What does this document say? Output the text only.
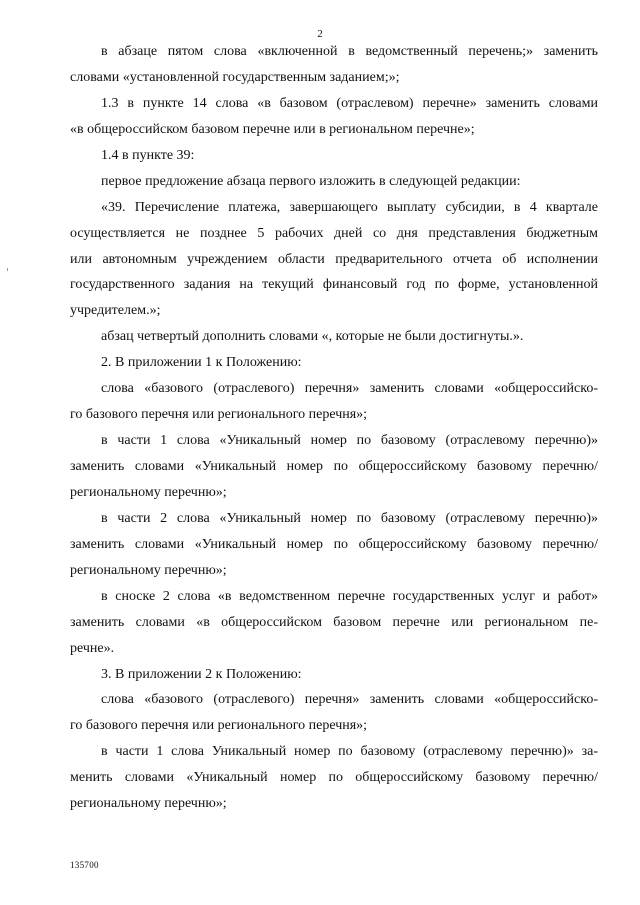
2
в абзаце пятом слова «включенной в ведомственный перечень;» заменить
словами «установленной государственным заданием;»;
1.3 в пункте 14 слова «в базовом (отраслевом) перечне» заменить словами
«в общероссийском базовом перечне или в региональном перечне»;
1.4 в пункте 39:
первое предложение абзаца первого изложить в следующей редакции:
«39. Перечисление платежа, завершающего выплату субсидии, в 4 квартале
осуществляется не позднее 5 рабочих дней со дня представления бюджетным
или автономным учреждением области предварительного отчета об исполнении
государственного задания на текущий финансовый год по форме, установленной
учредителем.»;
абзац четвертый дополнить словами «, которые не были достигнуты.».
2. В приложении 1 к Положению:
слова «базового (отраслевого) перечня» заменить словами «общероссийско-
го базового перечня или регионального перечня»;
в части 1 слова «Уникальный номер по базовому (отраслевому перечню)»
заменить словами «Уникальный номер по общероссийскому базовому перечню/
региональному перечню»;
в части 2 слова «Уникальный номер по базовому (отраслевому перечню)»
заменить словами «Уникальный номер по общероссийскому базовому перечню/
региональному перечню»;
в сноске 2 слова «в ведомственном перечне государственных услуг и работ»
заменить словами «в общероссийском базовом перечне или региональном пе-
речне».
3. В приложении 2 к Положению:
слова «базового (отраслевого) перечня» заменить словами «общероссийско-
го базового перечня или регионального перечня»;
в части 1 слова Уникальный номер по базовому (отраслевому перечню)» за-
менить словами «Уникальный номер по общероссийскому базовому перечню/
региональному перечню»;
135700
